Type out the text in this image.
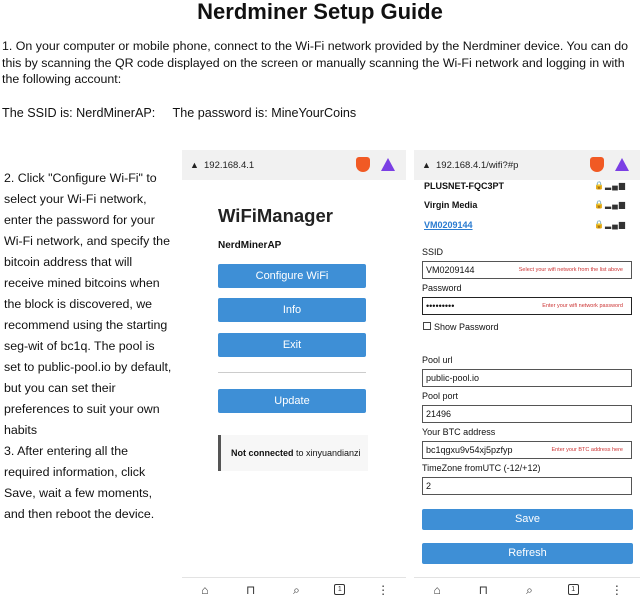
Nerdminer Setup Guide
1. On your computer or mobile phone, connect to the Wi-Fi network provided by the Nerdminer device. You can do this by scanning the QR code displayed on the screen or manually scanning the Wi-Fi network and logging in with the following account:
The SSID is: NerdMinerAP:     The password is: MineYourCoins
2. Click "Configure Wi-Fi" to select your Wi-Fi network, enter the password for your Wi-Fi network, and specify the bitcoin address that will receive mined bitcoins when the block is discovered, we recommend using the starting seg-wit of bc1q. The pool is set to public-pool.io by default, but you can set their preferences to suit your own habits
3. After entering all the required information, click Save, wait a few moments, and then reboot the device.
▲ 192.168.4.1
WiFiManager
NerdMinerAP
Configure WiFi
Info
Exit
Update
Not connected to xinyuandianzi
⌂	⊓	⌕	1	⋮
▲ 192.168.4.1/wifi?#p
PLUSNET-FQC3PT	🔒▂▄▆
Virgin Media	🔒▂▄▆
VM0209144	🔒▂▄▆
SSID
VM0209144	Select your wifi network from the list above
Password
•••••••••	Enter your wifi network password
Show Password
Pool url
public-pool.io
Pool port
21496
Your BTC address
bc1qgxu9v54xj5pzfyp	Enter your BTC address here
TimeZone fromUTC (-12/+12)
2
Save
Refresh
⌂	⊓	⌕	1	⋮
